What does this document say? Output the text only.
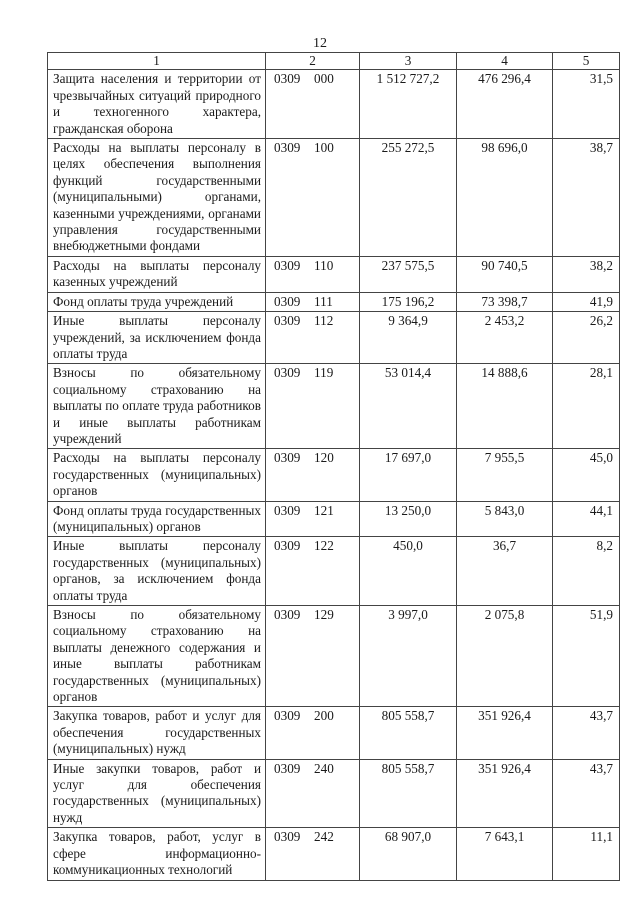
12
1	2	3	4	5
Защита населения и территории от чрезвычайных ситуаций природного и техногенного характера, гражданская оборона	0309 000	1 512 727,2	476 296,4	31,5
Расходы на выплаты персоналу в целях обеспечения выполнения функций государственными (муниципальными) органами, казенными учреждениями, органами управления государственными внебюджетными фондами	0309 100	255 272,5	98 696,0	38,7
Расходы на выплаты персоналу казенных учреждений	0309 110	237 575,5	90 740,5	38,2
Фонд оплаты труда учреждений	0309 111	175 196,2	73 398,7	41,9
Иные выплаты персоналу учреждений, за исключением фонда оплаты труда	0309 112	9 364,9	2 453,2	26,2
Взносы по обязательному социальному страхованию на выплаты по оплате труда работников и иные выплаты работникам учреждений	0309 119	53 014,4	14 888,6	28,1
Расходы на выплаты персоналу государственных (муниципальных) органов	0309 120	17 697,0	7 955,5	45,0
Фонд оплаты труда государственных (муниципальных) органов	0309 121	13 250,0	5 843,0	44,1
Иные выплаты персоналу государственных (муниципальных) органов, за исключением фонда оплаты труда	0309 122	450,0	36,7	8,2
Взносы по обязательному социальному страхованию на выплаты денежного содержания и иные выплаты работникам государственных (муниципальных) органов	0309 129	3 997,0	2 075,8	51,9
Закупка товаров, работ и услуг для обеспечения государственных (муниципальных) нужд	0309 200	805 558,7	351 926,4	43,7
Иные закупки товаров, работ и услуг для обеспечения государственных (муниципальных) нужд	0309 240	805 558,7	351 926,4	43,7
Закупка товаров, работ, услуг в сфере информационно-коммуникационных технологий	0309 242	68 907,0	7 643,1	11,1
